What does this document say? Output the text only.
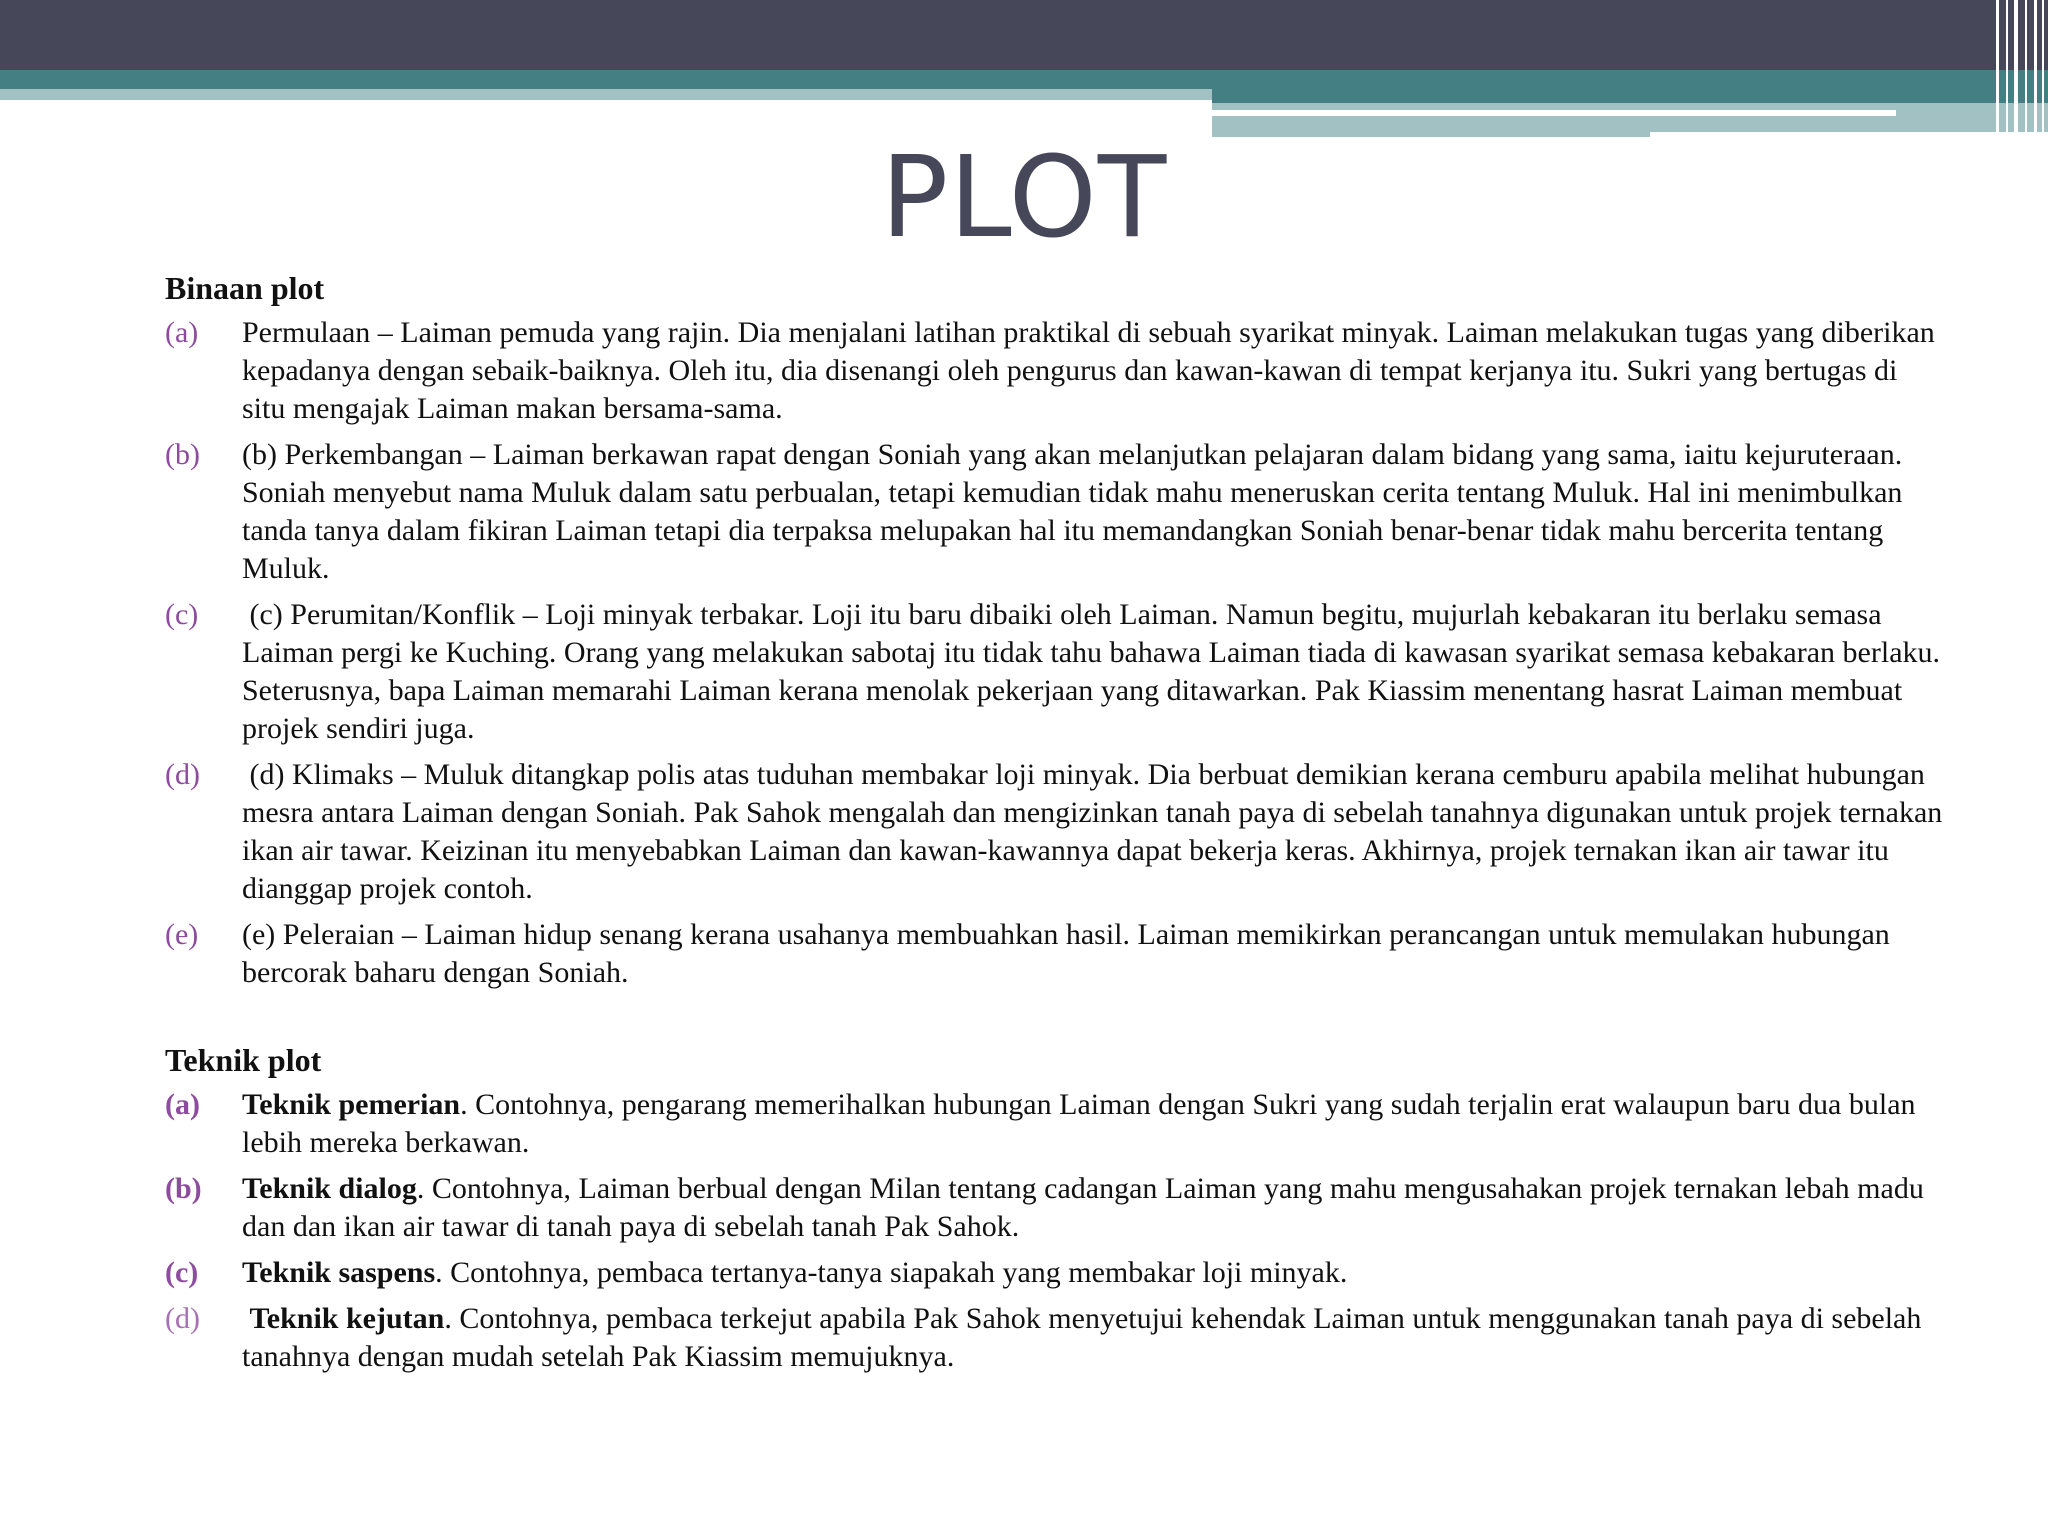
PLOT
Binaan plot
(a)	Permulaan – Laiman pemuda yang rajin. Dia menjalani latihan praktikal di sebuah syarikat minyak. Laiman melakukan tugas yang diberikan kepadanya dengan sebaik-baiknya. Oleh itu, dia disenangi oleh pengurus dan kawan-kawan di tempat kerjanya itu. Sukri yang bertugas di situ mengajak Laiman makan bersama-sama.
(b)	(b) Perkembangan – Laiman berkawan rapat dengan Soniah yang akan melanjutkan pelajaran dalam bidang yang sama, iaitu kejuruteraan. Soniah menyebut nama Muluk dalam satu perbualan, tetapi kemudian tidak mahu meneruskan cerita tentang Muluk. Hal ini menimbulkan tanda tanya dalam fikiran Laiman tetapi dia terpaksa melupakan hal itu memandangkan Soniah benar-benar tidak mahu bercerita tentang Muluk.
(c)	(c) Perumitan/Konflik – Loji minyak terbakar. Loji itu baru dibaiki oleh Laiman. Namun begitu, mujurlah kebakaran itu berlaku semasa Laiman pergi ke Kuching. Orang yang melakukan sabotaj itu tidak tahu bahawa Laiman tiada di kawasan syarikat semasa kebakaran berlaku. Seterusnya, bapa Laiman memarahi Laiman kerana menolak pekerjaan yang ditawarkan. Pak Kiassim menentang hasrat Laiman membuat projek sendiri juga.
(d)	(d) Klimaks – Muluk ditangkap polis atas tuduhan membakar loji minyak. Dia berbuat demikian kerana cemburu apabila melihat hubungan mesra antara Laiman dengan Soniah. Pak Sahok mengalah dan mengizinkan tanah paya di sebelah tanahnya digunakan untuk projek ternakan ikan air tawar. Keizinan itu menyebabkan Laiman dan kawan-kawannya dapat bekerja keras. Akhirnya, projek ternakan ikan air tawar itu dianggap projek contoh.
(e)	(e) Peleraian – Laiman hidup senang kerana usahanya membuahkan hasil. Laiman memikirkan perancangan untuk memulakan hubungan bercorak baharu dengan Soniah.
Teknik plot
(a)	Teknik pemerian. Contohnya, pengarang memerihalkan hubungan Laiman dengan Sukri yang sudah terjalin erat walaupun baru dua bulan lebih mereka berkawan.
(b)	Teknik dialog. Contohnya, Laiman berbual dengan Milan tentang cadangan Laiman yang mahu mengusahakan projek ternakan lebah madu dan dan ikan air tawar di tanah paya di sebelah tanah Pak Sahok.
(c)	Teknik saspens. Contohnya, pembaca tertanya-tanya siapakah yang membakar loji minyak.
(d)	Teknik kejutan. Contohnya, pembaca terkejut apabila Pak Sahok menyetujui kehendak Laiman untuk menggunakan tanah paya di sebelah tanahnya dengan mudah setelah Pak Kiassim memujuknya.
